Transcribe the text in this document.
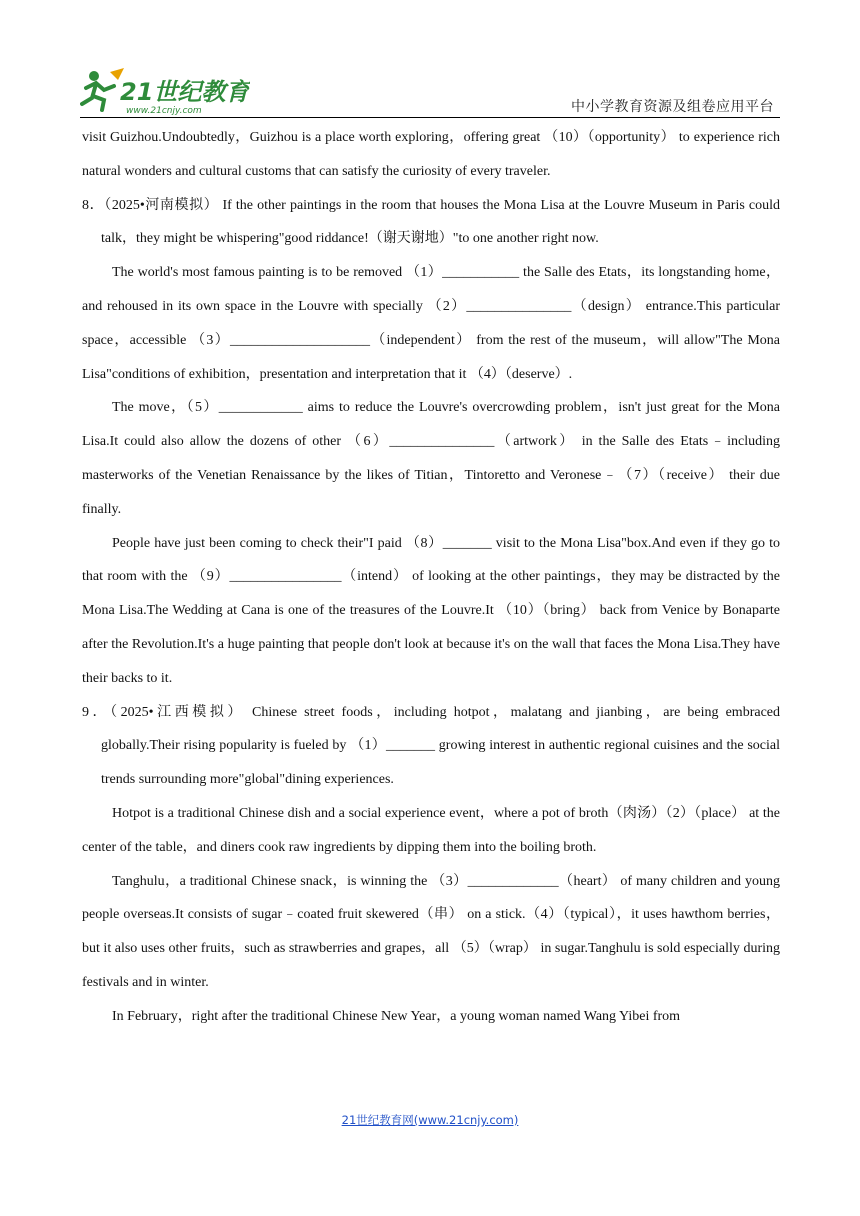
21世纪教育
www.21cnjy.com	中小学教育资源及组卷应用平台

visit Guizhou.Undoubtedly，Guizhou is a place worth exploring，offering great （10）（opportunity） to experience rich natural wonders and cultural customs that can satisfy the curiosity of every traveler.

8．（2025•河南模拟） If the other paintings in the room that houses the Mona Lisa at the Louvre Museum in Paris could talk，they might be whispering"good riddance!（谢天谢地）"to one another right now.

The world's most famous painting is to be removed （1）___________ the Salle des Etats，its longstanding home，and rehoused in its own space in the Louvre with specially （2）_______________（design） entrance.This particular space，accessible （3）____________________（independent） from the rest of the museum，will allow"The Mona Lisa"conditions of exhibition，presentation and interpretation that it （4）（deserve）.

The move，（5）____________ aims to reduce the Louvre's overcrowding problem，isn't just great for the Mona Lisa.It could also allow the dozens of other （6）_______________（artwork） in the Salle des Etats﹣including masterworks of the Venetian Renaissance by the likes of Titian，Tintoretto and Veronese﹣（7）（receive） their due finally.

People have just been coming to check their"I paid （8）_______ visit to the Mona Lisa"box.And even if they go to that room with the （9）________________（intend） of looking at the other paintings，they may be distracted by the Mona Lisa.The Wedding at Cana is one of the treasures of the Louvre.It （10）（bring） back from Venice by Bonaparte after the Revolution.It's a huge painting that people don't look at because it's on the wall that faces the Mona Lisa.They have their backs to it.

9．（2025•江西模拟） Chinese street foods，including hotpot，malatang and jianbing，are being embraced globally.Their rising popularity is fueled by （1）_______ growing interest in authentic regional cuisines and the social trends surrounding more"global"dining experiences.

Hotpot is a traditional Chinese dish and a social experience event，where a pot of broth（肉汤）（2）（place） at the center of the table，and diners cook raw ingredients by dipping them into the boiling broth.

Tanghulu，a traditional Chinese snack，is winning the （3）_____________（heart） of many children and young people overseas.It consists of sugar﹣coated fruit skewered（串） on a stick.（4）（typical），it uses hawthom berries，but it also uses other fruits，such as strawberries and grapes，all （5）（wrap） in sugar.Tanghulu is sold especially during festivals and in winter.

In February，right after the traditional Chinese New Year，a young woman named Wang Yibei from

21世纪教育网(www.21cnjy.com)
